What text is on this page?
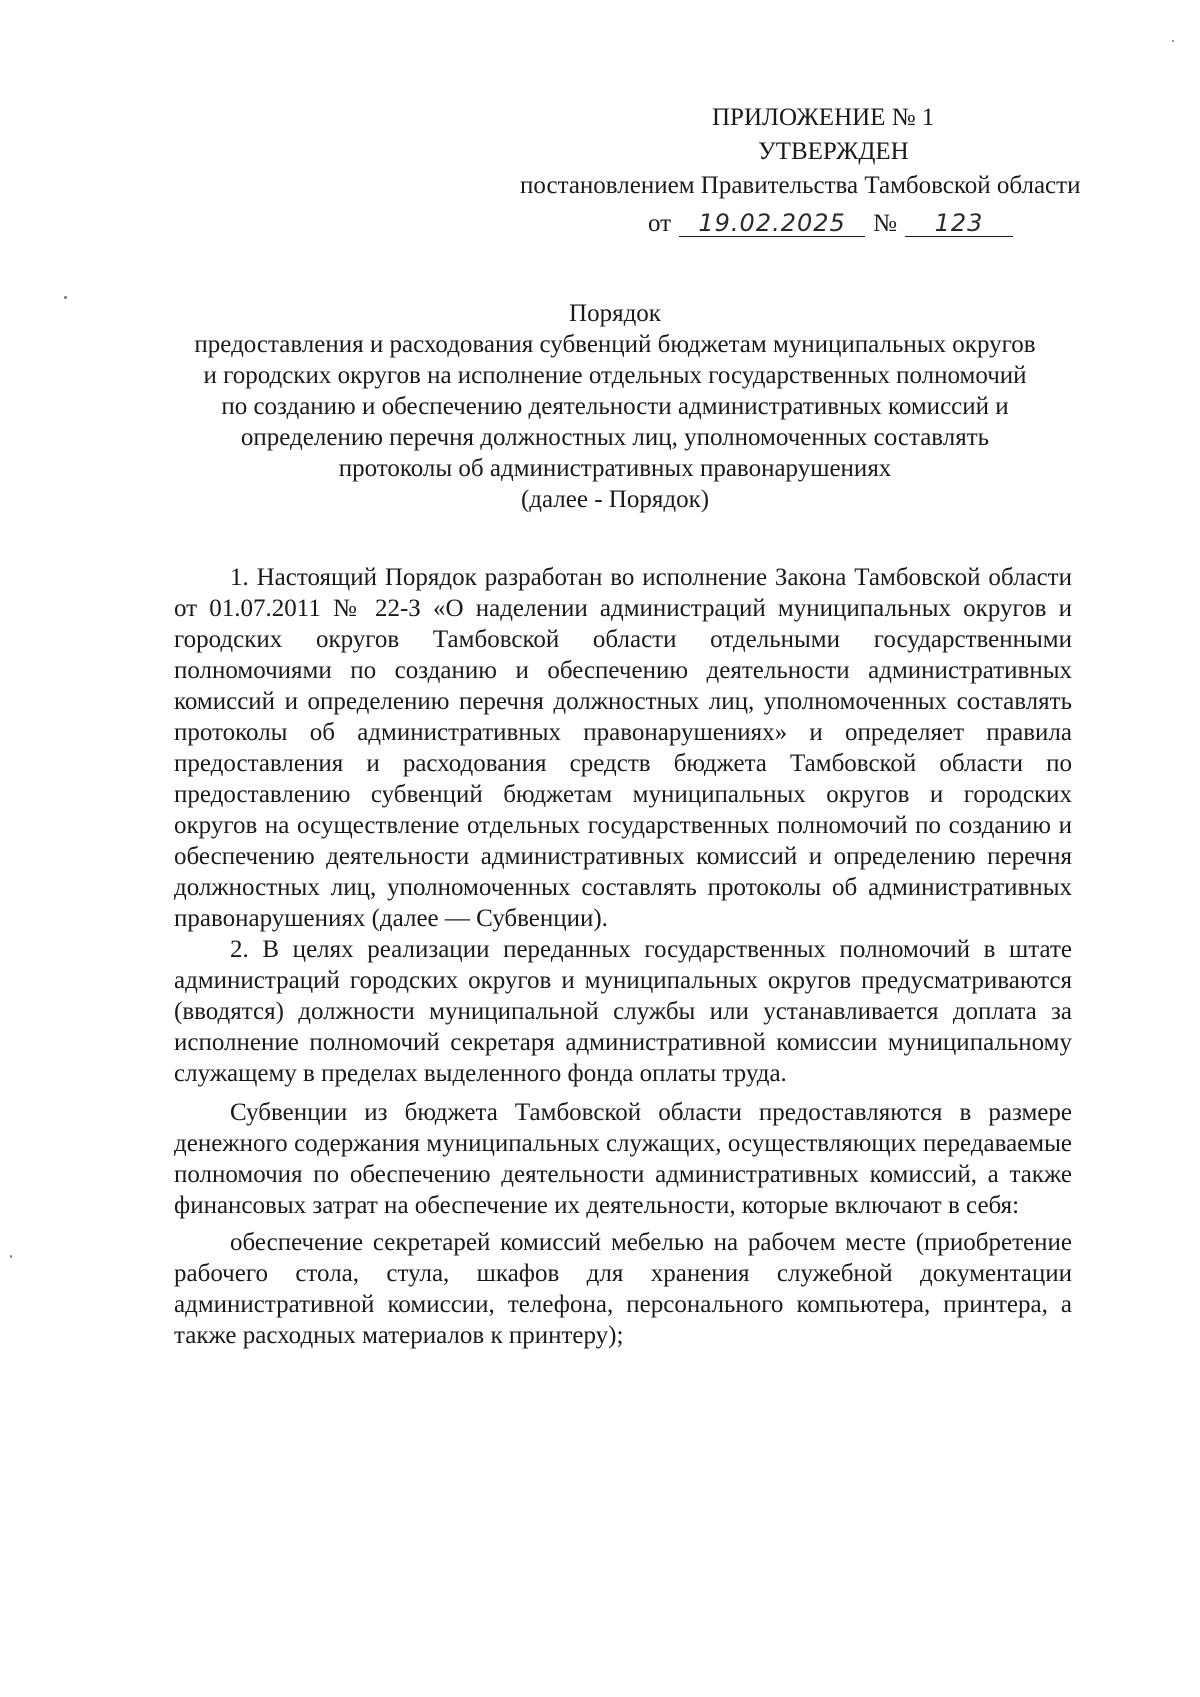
ПРИЛОЖЕНИЕ № 1
УТВЕРЖДЕН
постановлением Правительства Тамбовской области
от 19.02.2025 № 123
Порядок
предоставления и расходования субвенций бюджетам муниципальных округов
и городских округов на исполнение отдельных государственных полномочий
по созданию и обеспечению деятельности административных комиссий и
определению перечня должностных лиц, уполномоченных составлять
протоколы об административных правонарушениях
(далее - Порядок)

1. Настоящий Порядок разработан во исполнение Закона Тамбовской области от 01.07.2011 № 22-З «О наделении администраций муниципальных округов и городских округов Тамбовской области отдельными государственными полномочиями по созданию и обеспечению деятельности административных комиссий и определению перечня должностных лиц, уполномоченных составлять протоколы об административных правонарушениях» и определяет правила предоставления и расходования средств бюджета Тамбовской области по предоставлению субвенций бюджетам муниципальных округов и городских округов на осуществление отдельных государственных полномочий по созданию и обеспечению деятельности административных комиссий и определению перечня должностных лиц, уполномоченных составлять протоколы об административных правонарушениях (далее — Субвенции).

2. В целях реализации переданных государственных полномочий в штате администраций городских округов и муниципальных округов предусматриваются (вводятся) должности муниципальной службы или устанавливается доплата за исполнение полномочий секретаря административной комиссии муниципальному служащему в пределах выделенного фонда оплаты труда.

Субвенции из бюджета Тамбовской области предоставляются в размере денежного содержания муниципальных служащих, осуществляющих передаваемые полномочия по обеспечению деятельности административных комиссий, а также финансовых затрат на обеспечение их деятельности, которые включают в себя:

обеспечение секретарей комиссий мебелью на рабочем месте (приобретение рабочего стола, стула, шкафов для хранения служебной документации административной комиссии, телефона, персонального компьютера, принтера, а также расходных материалов к принтеру);
